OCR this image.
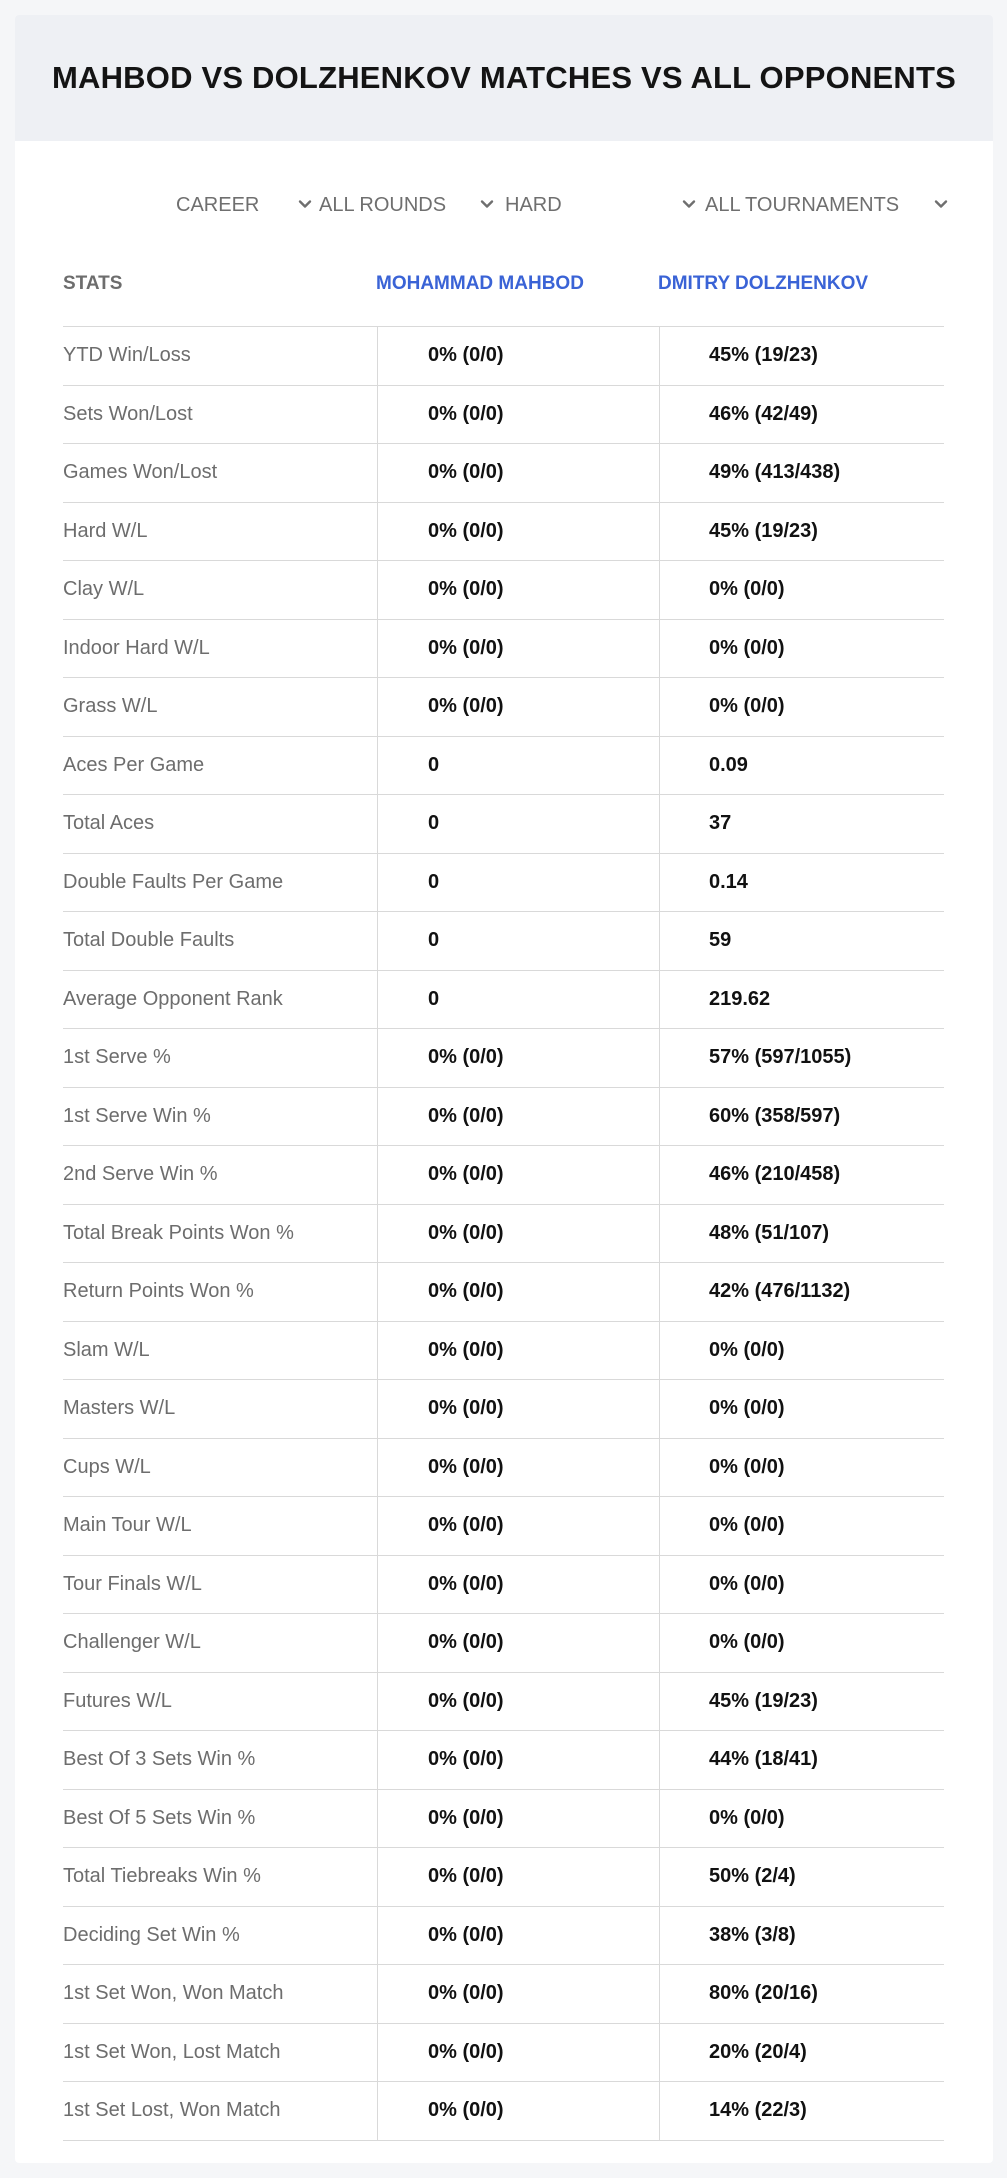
MAHBOD VS DOLZHENKOV MATCHES VS ALL OPPONENTS
CAREER	ALL ROUNDS	HARD	ALL TOURNAMENTS
STATS	MOHAMMAD MAHBOD	DMITRY DOLZHENKOV
YTD Win/Loss	0% (0/0)	45% (19/23)
Sets Won/Lost	0% (0/0)	46% (42/49)
Games Won/Lost	0% (0/0)	49% (413/438)
Hard W/L	0% (0/0)	45% (19/23)
Clay W/L	0% (0/0)	0% (0/0)
Indoor Hard W/L	0% (0/0)	0% (0/0)
Grass W/L	0% (0/0)	0% (0/0)
Aces Per Game	0	0.09
Total Aces	0	37
Double Faults Per Game	0	0.14
Total Double Faults	0	59
Average Opponent Rank	0	219.62
1st Serve %	0% (0/0)	57% (597/1055)
1st Serve Win %	0% (0/0)	60% (358/597)
2nd Serve Win %	0% (0/0)	46% (210/458)
Total Break Points Won %	0% (0/0)	48% (51/107)
Return Points Won %	0% (0/0)	42% (476/1132)
Slam W/L	0% (0/0)	0% (0/0)
Masters W/L	0% (0/0)	0% (0/0)
Cups W/L	0% (0/0)	0% (0/0)
Main Tour W/L	0% (0/0)	0% (0/0)
Tour Finals W/L	0% (0/0)	0% (0/0)
Challenger W/L	0% (0/0)	0% (0/0)
Futures W/L	0% (0/0)	45% (19/23)
Best Of 3 Sets Win %	0% (0/0)	44% (18/41)
Best Of 5 Sets Win %	0% (0/0)	0% (0/0)
Total Tiebreaks Win %	0% (0/0)	50% (2/4)
Deciding Set Win %	0% (0/0)	38% (3/8)
1st Set Won, Won Match	0% (0/0)	80% (20/16)
1st Set Won, Lost Match	0% (0/0)	20% (20/4)
1st Set Lost, Won Match	0% (0/0)	14% (22/3)
